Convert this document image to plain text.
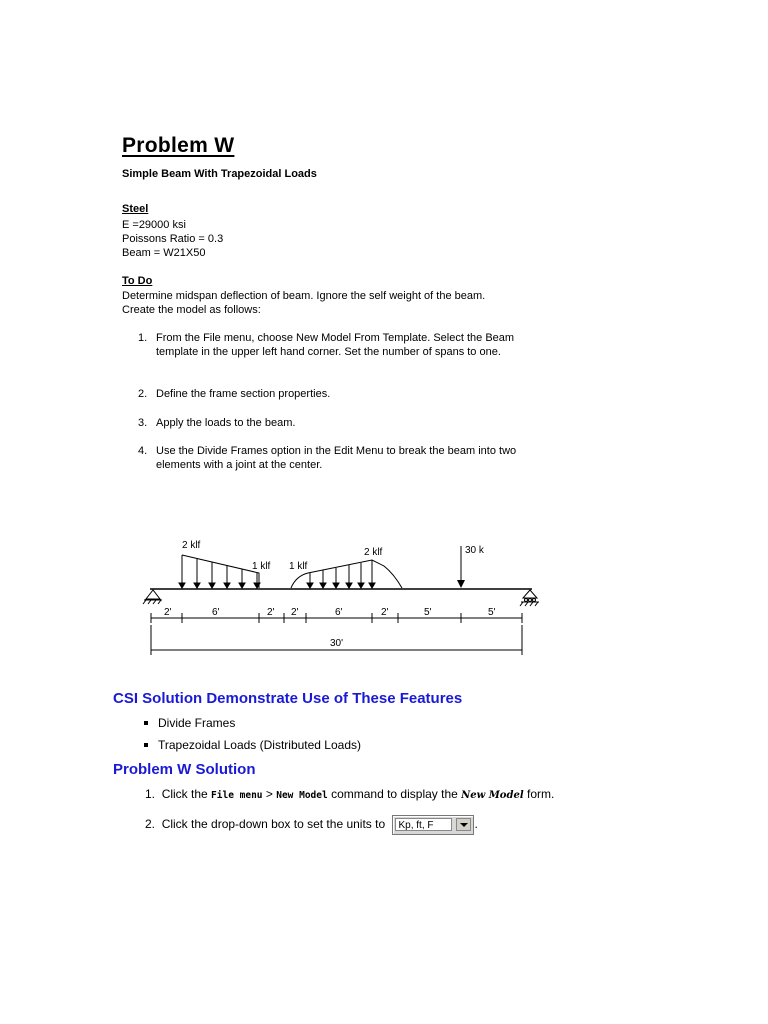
Problem W
Simple Beam With Trapezoidal Loads
Steel
E =29000 ksi
Poissons Ratio = 0.3
Beam = W21X50
To Do
Determine midspan deflection of beam. Ignore the self weight of the beam.
Create the model as follows:
1. From the File menu, choose New Model From Template. Select the Beam template in the upper left hand corner. Set the number of spans to one.
2. Define the frame section properties.
3. Apply the loads to the beam.
4. Use the Divide Frames option in the Edit Menu to break the beam into two elements with a joint at the center.
2 klf
1 klf 1 klf
2 klf	30 k
2'	6'	2' 2'	6'	2'	5'	5'
30'
CSI Solution Demonstrate Use of These Features
Divide Frames
Trapezoidal Loads (Distributed Loads)
Problem W Solution
1. Click the File menu > New Model command to display the New Model form.
2. Click the drop-down box to set the units to	Kp, ft, F	.
